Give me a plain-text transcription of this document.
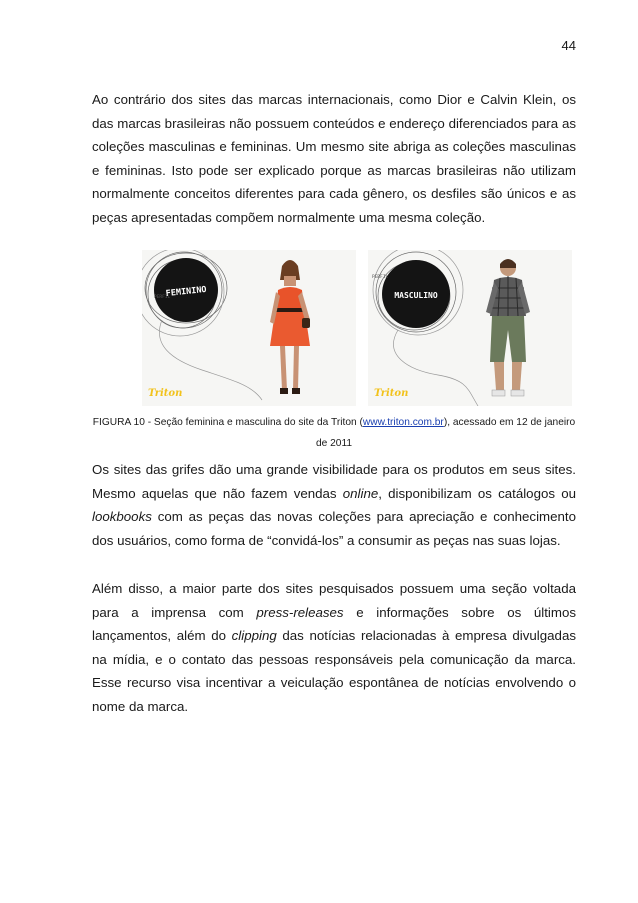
44

Ao contrário dos sites das marcas internacionais, como Dior e Calvin Klein, os das marcas brasileiras não possuem conteúdos e endereço diferenciados para as coleções masculinas e femininas. Um mesmo site abriga as coleções masculinas e femininas. Isto pode ser explicado porque as marcas brasileiras não utilizam normalmente conceitos diferentes para cada gênero, os desfiles são únicos e as peças apresentadas compõem normalmente uma mesma coleção.

FEMININO
PERFIL
Triton
MASCULINO
PERFIL
Triton

FIGURA 10 - Seção feminina e masculina do site da Triton (www.triton.com.br), acessado em 12 de janeiro de 2011

Os sites das grifes dão uma grande visibilidade para os produtos em seus sites. Mesmo aquelas que não fazem vendas online, disponibilizam os catálogos ou lookbooks com as peças das novas coleções para apreciação e conhecimento dos usuários, como forma de “convidá-los” a consumir as peças nas suas lojas.

Além disso, a maior parte dos sites pesquisados possuem uma seção voltada para a imprensa com press-releases e informações sobre os últimos lançamentos, além do clipping das notícias relacionadas à empresa divulgadas na mídia, e o contato das pessoas responsáveis pela comunicação da marca. Esse recurso visa incentivar a veiculação espontânea de notícias envolvendo o nome da marca.
